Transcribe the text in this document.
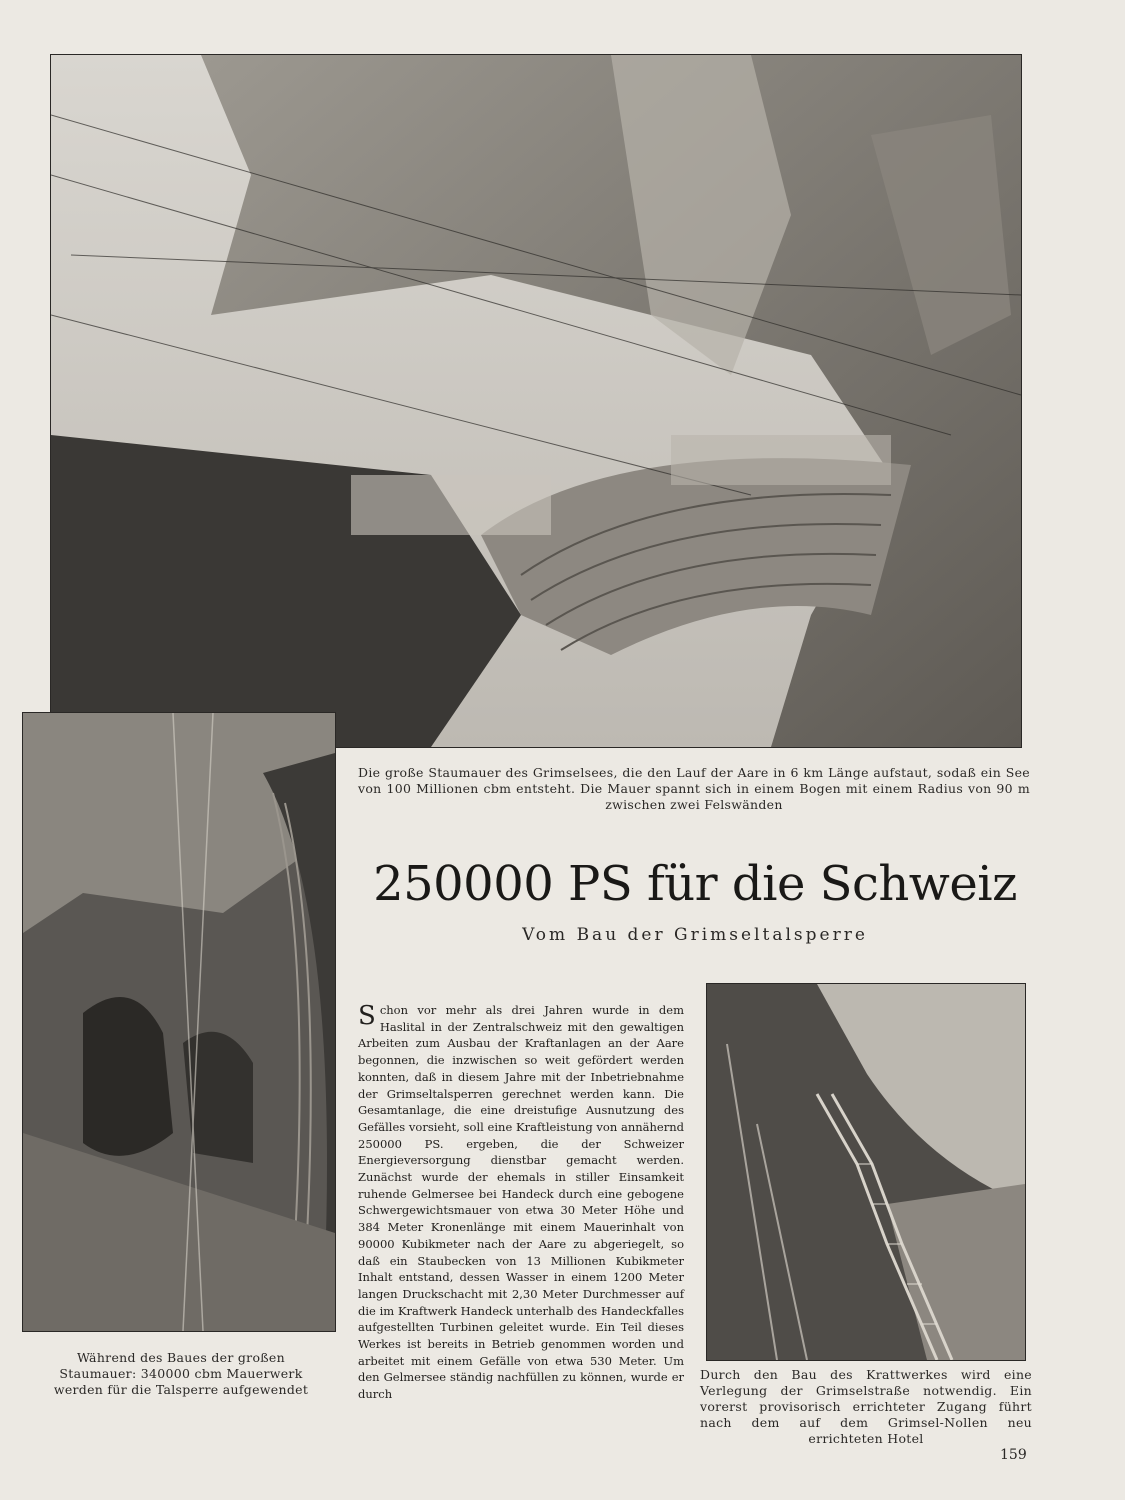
Die große Staumauer des Grimselsees, die den Lauf der Aare in 6 km Länge aufstaut, sodaß ein See von 100 Millionen cbm entsteht. Die Mauer spannt sich in einem Bogen mit einem Radius von 90 m zwischen zwei Felswänden
Während des Baues der großen Staumauer: 340000 cbm Mauerwerk werden für die Talsperre aufgewendet
Durch den Bau des Krattwerkes wird eine Verlegung der Grimselstraße notwendig. Ein vorerst provisorisch errichteter Zugang führt nach dem auf dem Grimsel-Nollen neu errichteten Hotel
250000 PS für die Schweiz
Vom Bau der Grimseltalsperre

Schon vor mehr als drei Jahren wurde in dem Haslital in der Zentralschweiz mit den gewaltigen Arbeiten zum Ausbau der Kraftanlagen an der Aare begonnen, die inzwischen so weit gefördert werden konnten, daß in diesem Jahre mit der Inbetriebnahme der Grimseltalsperren gerechnet werden kann. Die Gesamtanlage, die eine dreistufige Ausnutzung des Gefälles vorsieht, soll eine Kraftleistung von annähernd 250000 PS. ergeben, die der Schweizer Energieversorgung dienstbar gemacht werden. Zunächst wurde der ehemals in stiller Einsamkeit ruhende Gelmersee bei Handeck durch eine gebogene Schwergewichtsmauer von etwa 30 Meter Höhe und 384 Meter Kronenlänge mit einem Mauerinhalt von 90000 Kubikmeter nach der Aare zu abgeriegelt, so daß ein Staubecken von 13 Millionen Kubikmeter Inhalt entstand, dessen Wasser in einem 1200 Meter langen Druckschacht mit 2,30 Meter Durchmesser auf die im Kraftwerk Handeck unterhalb des Handeckfalles aufgestellten Turbinen geleitet wurde. Ein Teil dieses Werkes ist bereits in Betrieb genommen worden und arbeitet mit einem Gefälle von etwa 530 Meter. Um den Gelmersee ständig nachfüllen zu können, wurde er durch

159
